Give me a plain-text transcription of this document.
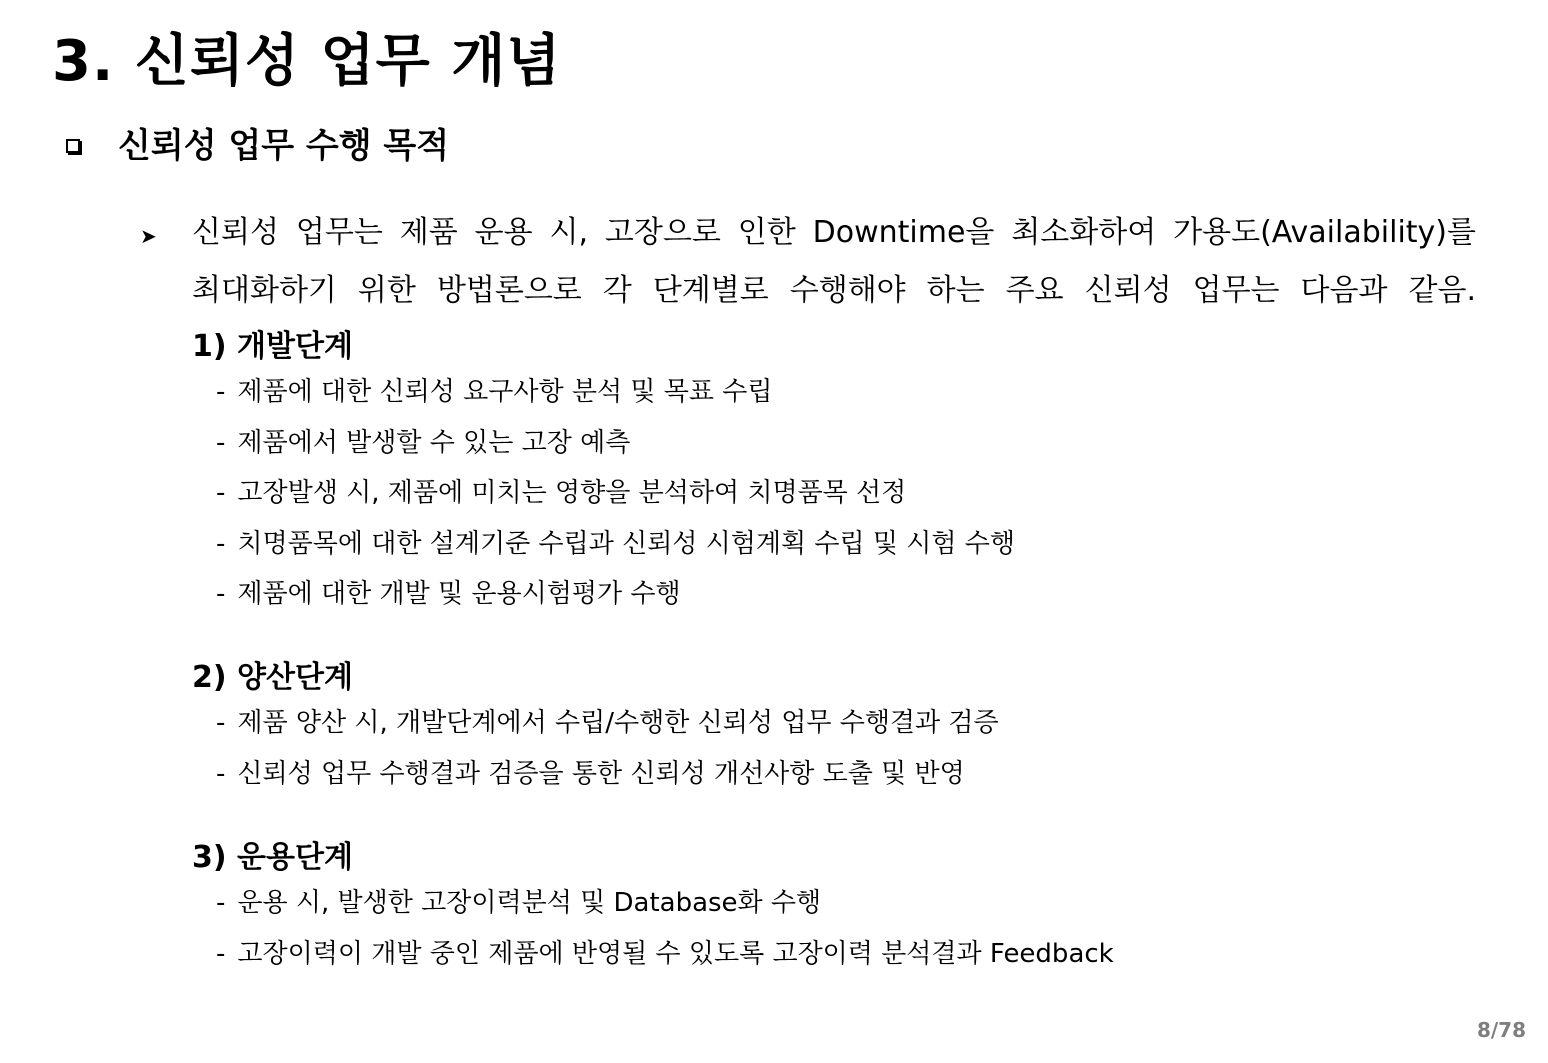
3. 신뢰성 업무 개념
신뢰성 업무 수행 목적
➤ 신뢰성 업무는 제품 운용 시, 고장으로 인한 Downtime을 최소화하여 가용도(Availability)를
최대화하기 위한 방법론으로 각 단계별로 수행해야 하는 주요 신뢰성 업무는 다음과 같음.

1) 개발단계
- 제품에 대한 신뢰성 요구사항 분석 및 목표 수립
- 제품에서 발생할 수 있는 고장 예측
- 고장발생 시, 제품에 미치는 영향을 분석하여 치명품목 선정
- 치명품목에 대한 설계기준 수립과 신뢰성 시험계획 수립 및 시험 수행
- 제품에 대한 개발 및 운용시험평가 수행
2) 양산단계
- 제품 양산 시, 개발단계에서 수립/수행한 신뢰성 업무 수행결과 검증
- 신뢰성 업무 수행결과 검증을 통한 신뢰성 개선사항 도출 및 반영
3) 운용단계
- 운용 시, 발생한 고장이력분석 및 Database화 수행
- 고장이력이 개발 중인 제품에 반영될 수 있도록 고장이력 분석결과 Feedback
8/78
